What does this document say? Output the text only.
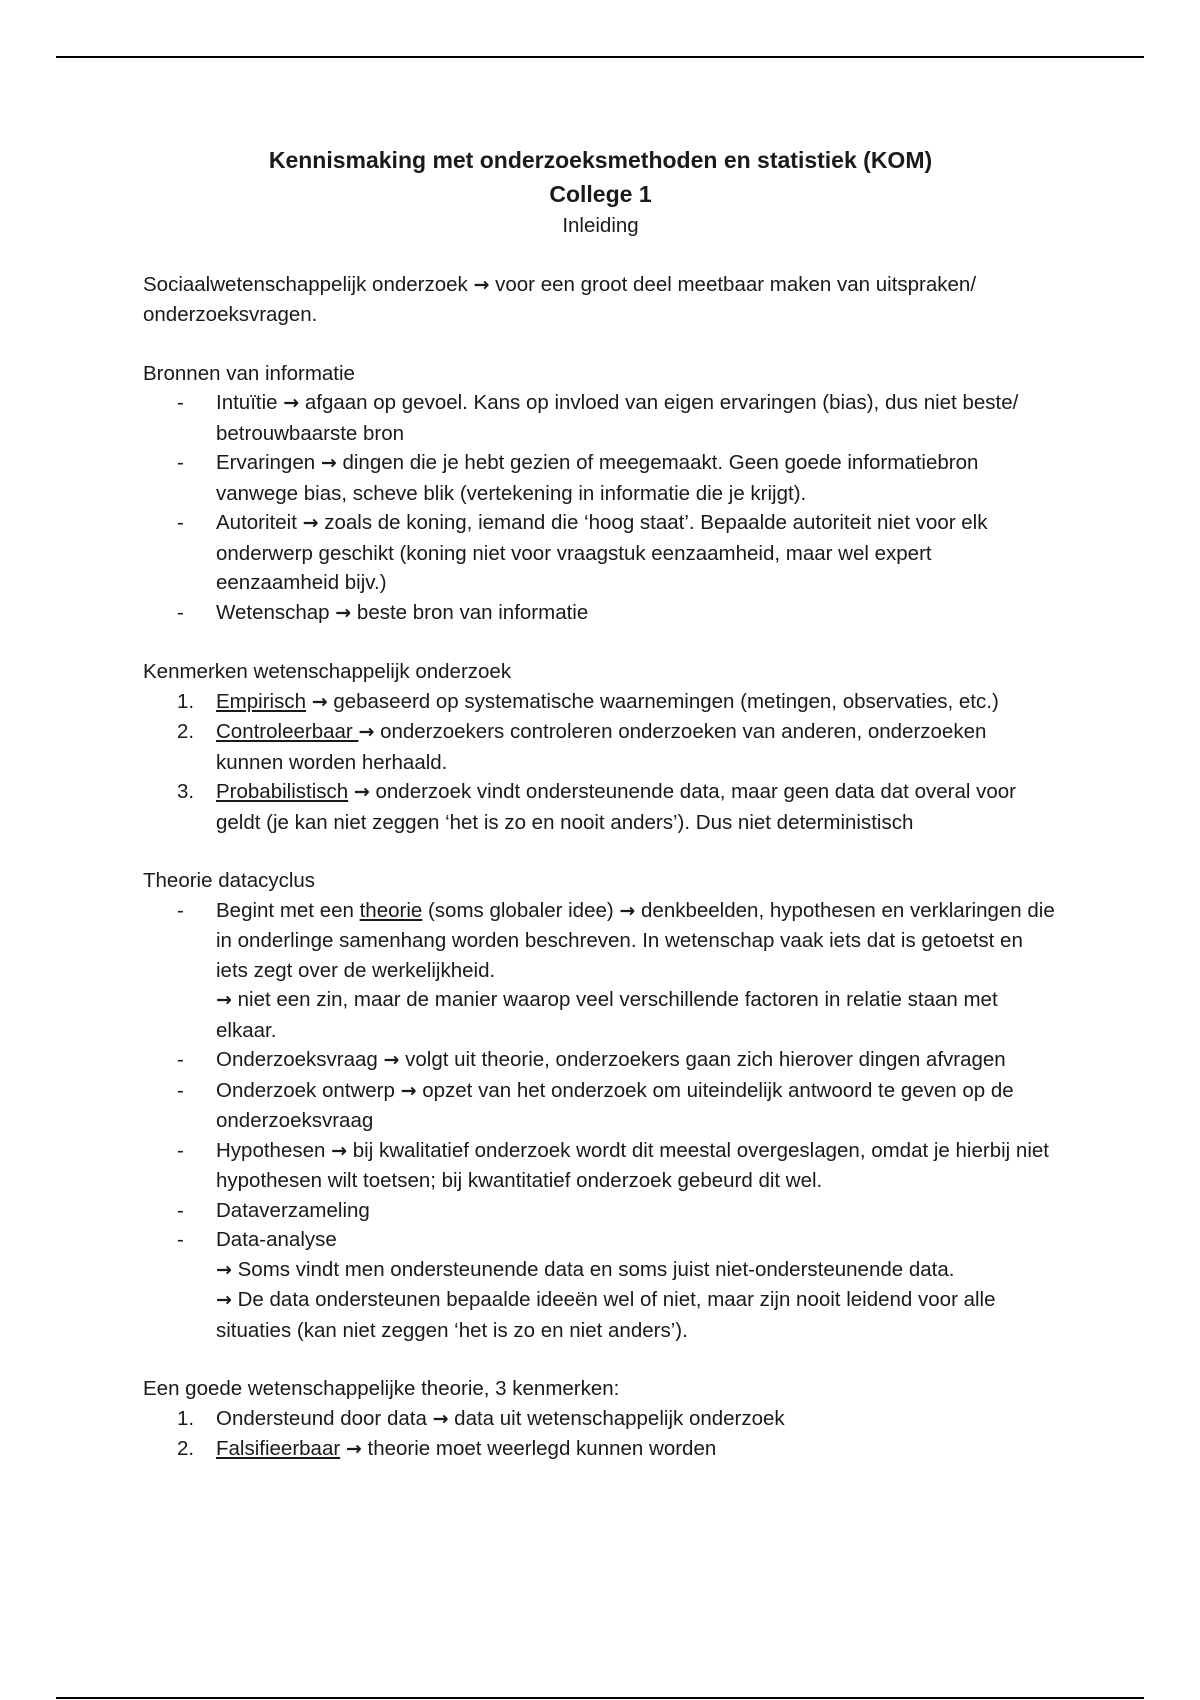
Kennismaking met onderzoeksmethoden en statistiek (KOM)
College 1
Inleiding

Sociaalwetenschappelijk onderzoek → voor een groot deel meetbaar maken van uitspraken/ onderzoeksvragen.

Bronnen van informatie

- Intuïtie → afgaan op gevoel. Kans op invloed van eigen ervaringen (bias), dus niet beste/ betrouwbaarste bron
- Ervaringen → dingen die je hebt gezien of meegemaakt. Geen goede informatiebron vanwege bias, scheve blik (vertekening in informatie die je krijgt).
- Autoriteit → zoals de koning, iemand die ‘hoog staat’. Bepaalde autoriteit niet voor elk onderwerp geschikt (koning niet voor vraagstuk eenzaamheid, maar wel expert eenzaamheid bijv.)
- Wetenschap → beste bron van informatie

Kenmerken wetenschappelijk onderzoek

1. Empirisch → gebaseerd op systematische waarnemingen (metingen, observaties, etc.)
2. Controleerbaar → onderzoekers controleren onderzoeken van anderen, onderzoeken kunnen worden herhaald.
3. Probabilistisch → onderzoek vindt ondersteunende data, maar geen data dat overal voor geldt (je kan niet zeggen ‘het is zo en nooit anders’). Dus niet deterministisch

Theorie datacyclus

- Begint met een theorie (soms globaler idee) → denkbeelden, hypothesen en verklaringen die in onderlinge samenhang worden beschreven. In wetenschap vaak iets dat is getoetst en iets zegt over de werkelijkheid.
→ niet een zin, maar de manier waarop veel verschillende factoren in relatie staan met elkaar.
- Onderzoeksvraag → volgt uit theorie, onderzoekers gaan zich hierover dingen afvragen
- Onderzoek ontwerp → opzet van het onderzoek om uiteindelijk antwoord te geven op de onderzoeksvraag
- Hypothesen → bij kwalitatief onderzoek wordt dit meestal overgeslagen, omdat je hierbij niet hypothesen wilt toetsen; bij kwantitatief onderzoek gebeurd dit wel.
- Dataverzameling
- Data-analyse
→ Soms vindt men ondersteunende data en soms juist niet-ondersteunende data.
→ De data ondersteunen bepaalde ideeën wel of niet, maar zijn nooit leidend voor alle situaties (kan niet zeggen ‘het is zo en niet anders’).

Een goede wetenschappelijke theorie, 3 kenmerken:

1. Ondersteund door data → data uit wetenschappelijk onderzoek
2. Falsifieerbaar → theorie moet weerlegd kunnen worden
